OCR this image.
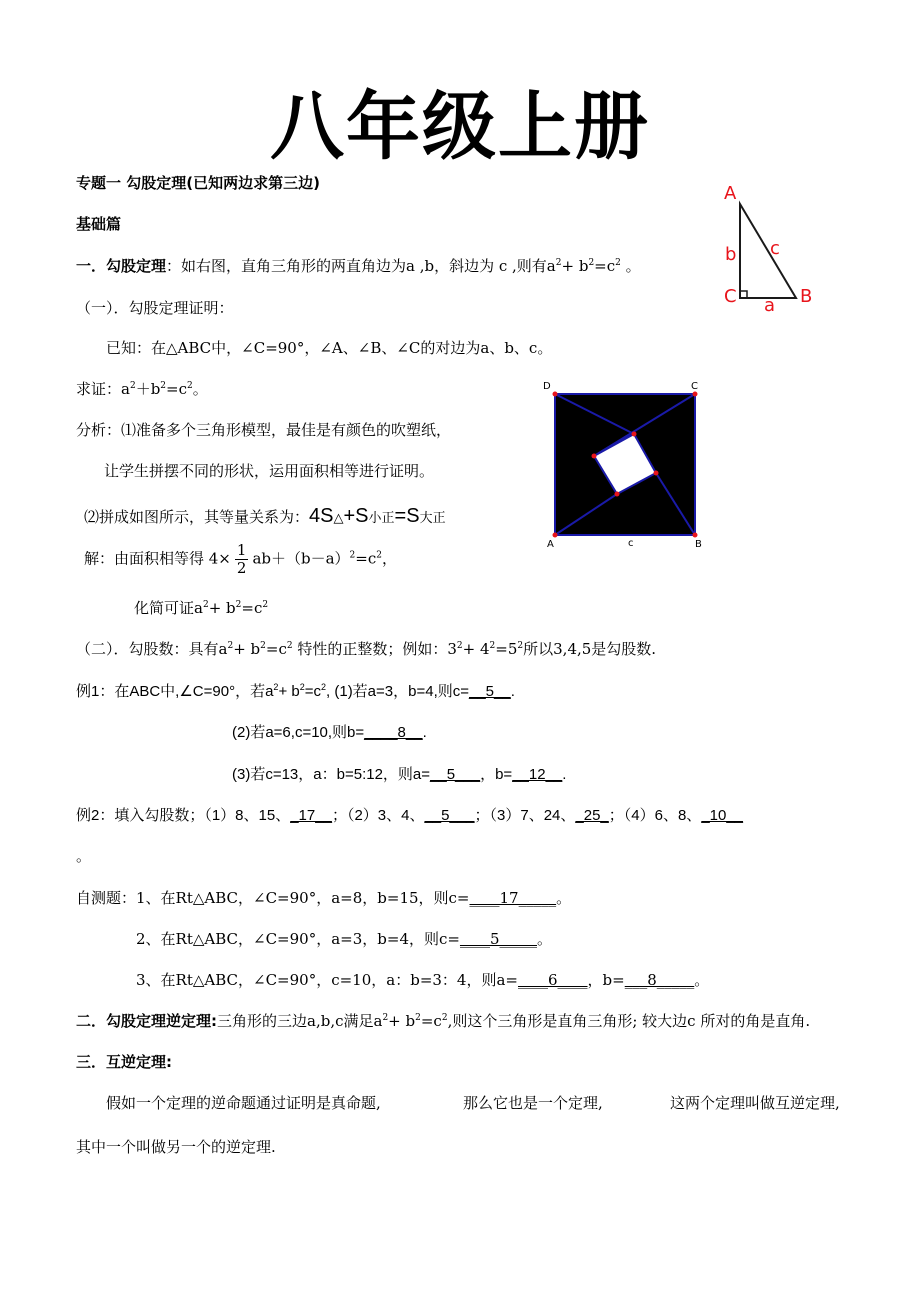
八年级上册
专题一 勾股定理(已知两边求第三边)
基础篇
一．勾股定理：如右图，直角三角形的两直角边为a ,b，斜边为 c ,则有$a^2+ b^2=c^2$ 。
（一）．勾股定理证明：
已知：在△ABC中，∠C=90°，∠A、∠B、∠C的对边为a、b、c。
求证：$a^2+b^2=c^2$。
分析：⑴准备多个三角形模型，最佳是有颜色的吹塑纸，
让学生拼摆不同的形状，运用面积相等进行证明。
⑵拼成如图所示，其等量关系为：4S△+S小正=S大正
解：由面积相等得 $4\times \frac{1}{2} ab+(b-a)^2=c^2$，
化简可证$a^2+ b^2=c^2$
（二）．勾股数：具有$a^2+ b^2=c^2$ 特性的正整数；例如：$3^2+ 4^2=5^2$所以3,4,5是勾股数.
例1：在ABC中,∠C=90°，若$a^2+ b^2=c^2$, (1)若a=3，b=4,则c=__5__.
(2)若a=6,c=10,则b=____8__.
(3)若c=13，a：b=5:12，则a=__5___，b=__12__.
例2：填入勾股数；（1）8、15、_17__；（2）3、4、__5___；（3）7、24、_25_；（4）6、8、_10__
。
自测题：1、在Rt△ABC，∠C=90°，a=8，b=15，则c=____17_____。
2、在Rt△ABC，∠C=90°，a=3，b=4，则c=____5_____。
3、在Rt△ABC，∠C=90°，c=10，a：b=3：4，则a=____6____，b=___8_____。
二．勾股定理逆定理:三角形的三边a,b,c满足$a^2+ b^2=c^2$,则这个三角形是直角三角形; 较大边c 所对的角是直角.
三．互逆定理:
假如一个定理的逆命题通过证明是真命题,	那么它也是一个定理,	这两个定理叫做互逆定理,
其中一个叫做另一个的逆定理.
A
C	B
b c
a
D	C
A	B
c
